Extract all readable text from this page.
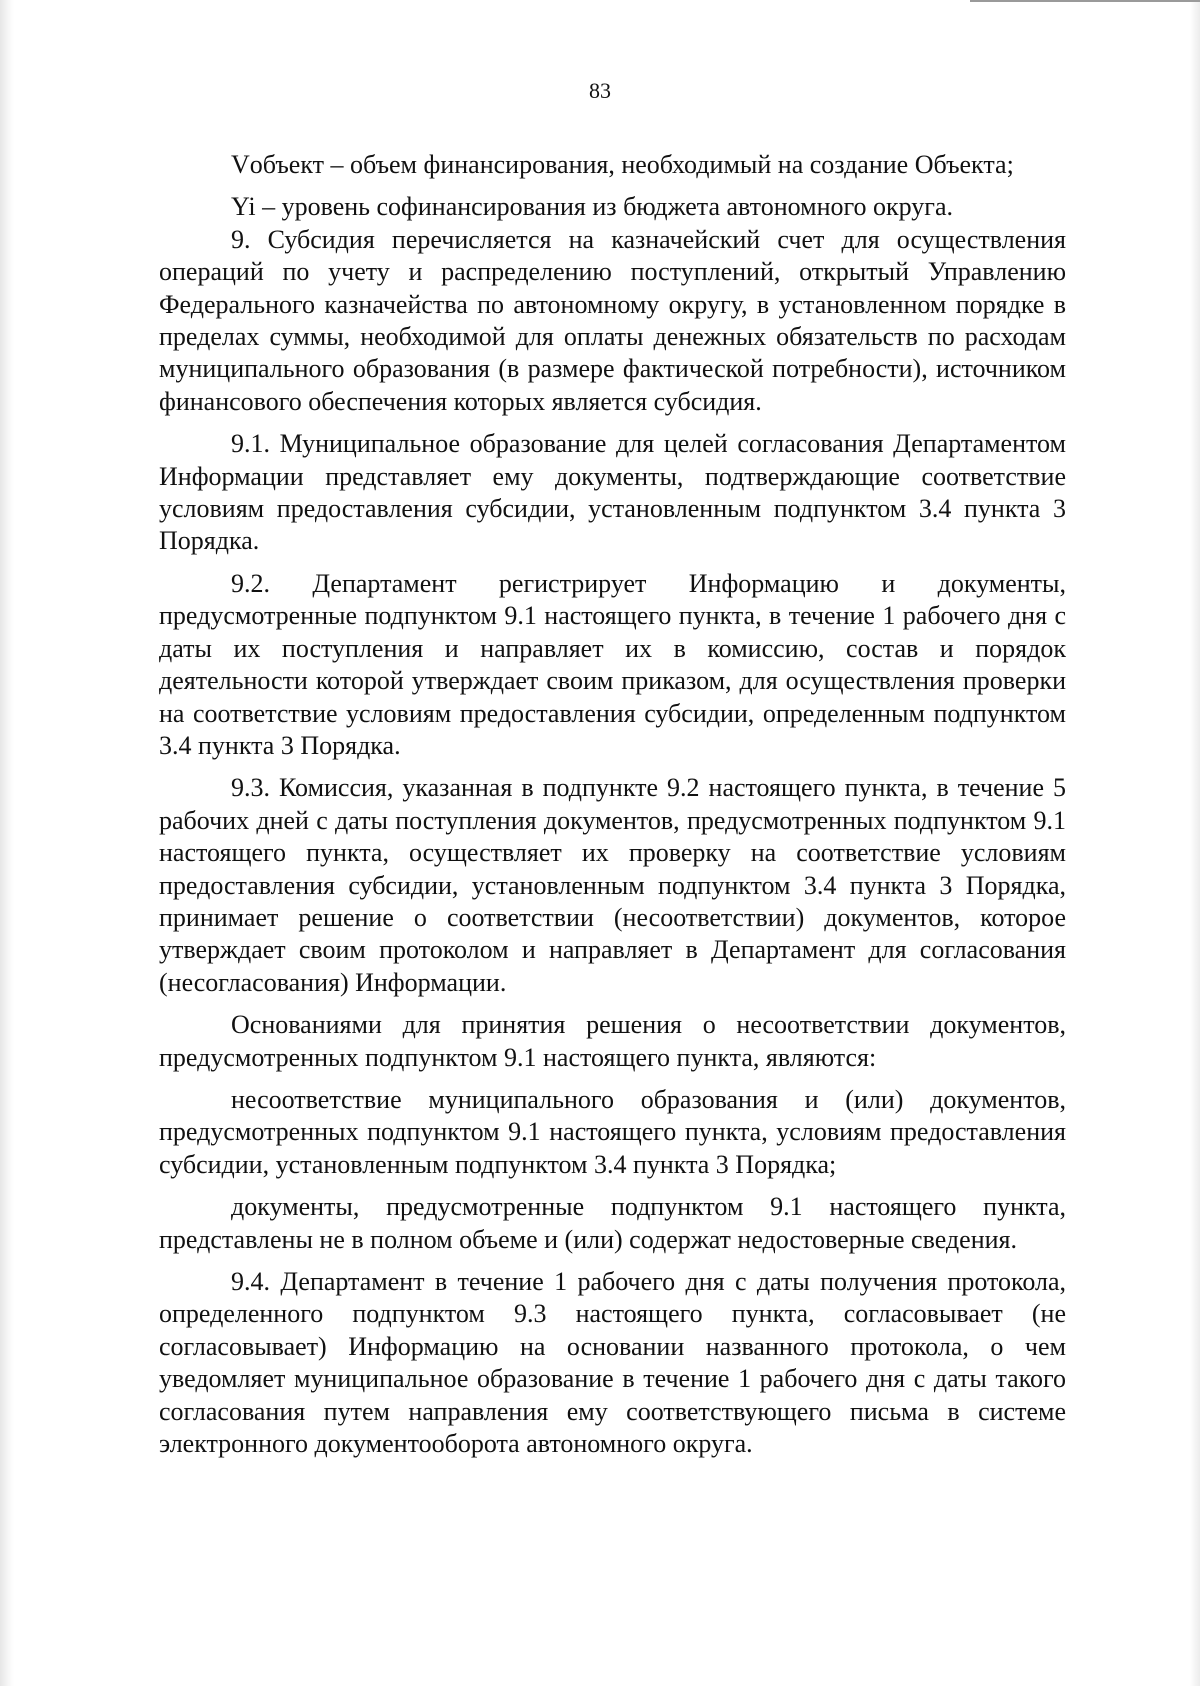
83

Vобъект – объем финансирования, необходимый на создание Объекта;

Yi – уровень софинансирования из бюджета автономного округа.

9. Субсидия перечисляется на казначейский счет для осуществления операций по учету и распределению поступлений, открытый Управлению Федерального казначейства по автономному округу, в установленном порядке в пределах суммы, необходимой для оплаты денежных обязательств по расходам муниципального образования (в размере фактической потребности), источником финансового обеспечения которых является субсидия.

9.1. Муниципальное образование для целей согласования Департаментом Информации представляет ему документы, подтверждающие соответствие условиям предоставления субсидии, установленным подпунктом 3.4 пункта 3 Порядка.

9.2. Департамент регистрирует Информацию и документы, предусмотренные подпунктом 9.1 настоящего пункта, в течение 1 рабочего дня с даты их поступления и направляет их в комиссию, состав и порядок деятельности которой утверждает своим приказом, для осуществления проверки на соответствие условиям предоставления субсидии, определенным подпунктом 3.4 пункта 3 Порядка.

9.3. Комиссия, указанная в подпункте 9.2 настоящего пункта, в течение 5 рабочих дней с даты поступления документов, предусмотренных подпунктом 9.1 настоящего пункта, осуществляет их проверку на соответствие условиям предоставления субсидии, установленным подпунктом 3.4 пункта 3 Порядка, принимает решение о соответствии (несоответствии) документов, которое утверждает своим протоколом и направляет в Департамент для согласования (несогласования) Информации.

Основаниями для принятия решения о несоответствии документов, предусмотренных подпунктом 9.1 настоящего пункта, являются:

несоответствие муниципального образования и (или) документов, предусмотренных подпунктом 9.1 настоящего пункта, условиям предоставления субсидии, установленным подпунктом 3.4 пункта 3 Порядка;

документы, предусмотренные подпунктом 9.1 настоящего пункта, представлены не в полном объеме и (или) содержат недостоверные сведения.

9.4. Департамент в течение 1 рабочего дня с даты получения протокола, определенного подпунктом 9.3 настоящего пункта, согласовывает (не согласовывает) Информацию на основании названного протокола, о чем уведомляет муниципальное образование в течение 1 рабочего дня с даты такого согласования путем направления ему соответствующего письма в системе электронного документооборота автономного округа.
